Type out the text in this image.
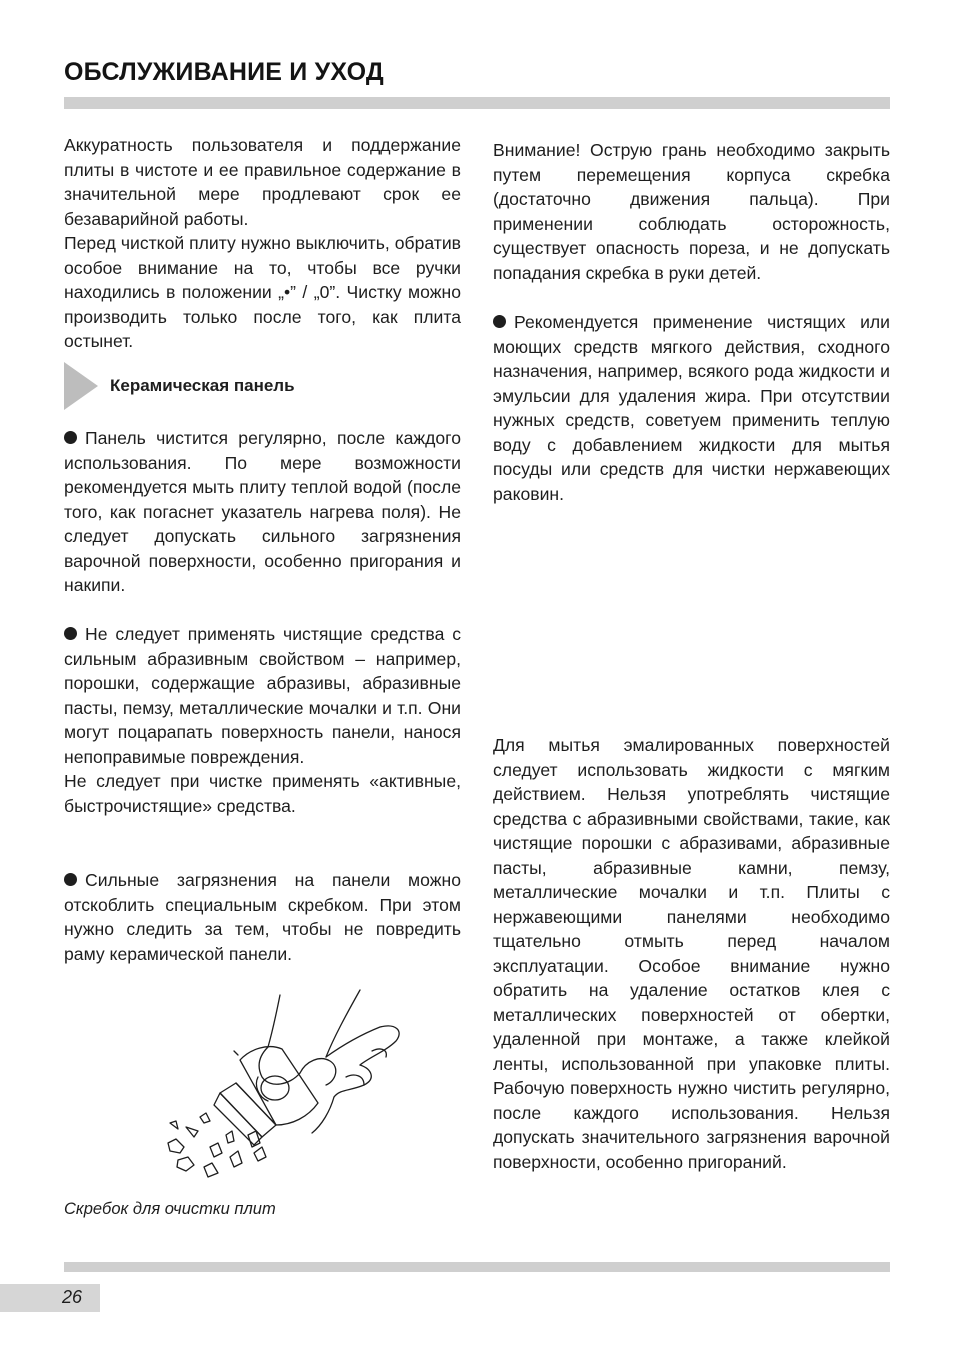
ОБСЛУЖИВАНИЕ И УХОД

Аккуратность пользователя и поддержание плиты в чистоте и ее правильное содержание в значительной мере продлевают срок ее безаварийной работы.

Перед чисткой плиту нужно выключить, обратив особое внимание на то, чтобы все ручки находились в положении „•” / „0”. Чистку можно производить только после того, как плита остынет.

Керамическая панель

Панель чистится регулярно, после каждого использования. По мере возможности рекомендуется мыть плиту теплой водой (после того, как погаснет указатель нагрева поля). Не следует допускать сильного загрязнения варочной поверхности, особенно пригорания и накипи.

Не следует применять чистящие средства с сильным абразивным свойством – например, порошки, содержащие абразивы, абразивные пасты, пемзу, металлические мочалки и т.п. Они могут поцарапать поверхность панели, нанося непоправимые повреждения.

Не следует при чистке применять «активные, быстрочистящие» средства.

Сильные загрязнения на панели можно отскоблить специальным скребком. При этом нужно следить за тем, чтобы не повредить раму керамической панели.

Скребок для очистки плит

Внимание! Острую грань необходимо закрыть путем перемещения корпуса скребка (достаточно движения пальца). При применении соблюдать осторожность, существует опасность пореза, и не допускать попадания скребка в руки детей.

Рекомендуется применение чистящих или моющих средств мягкого действия, сходного назначения, например, всякого рода жидкости и эмульсии для удаления жира. При отсутствии нужных средств, советуем применить теплую воду с добавлением жидкости для мытья посуды или средств для чистки нержавеющих раковин.

Для мытья эмалированных поверхностей следует использовать жидкости с мягким действием. Нельзя употреблять чистящие средства с абразивными свойствами, такие, как чистящие порошки с абразивами, абразивные пасты, абразивные камни, пемзу, металлические мочалки и т.п. Плиты с нержавеющими панелями необходимо тщательно отмыть перед началом эксплуатации. Особое внимание нужно обратить на удаление остатков клея с металлических поверхностей от обертки, удаленной при монтаже, а также клейкой ленты, использованной при упаковке плиты. Рабочую поверхность нужно чистить регулярно, после каждого использования. Нельзя допускать значительного загрязнения варочной поверхности, особенно пригораний.

26
